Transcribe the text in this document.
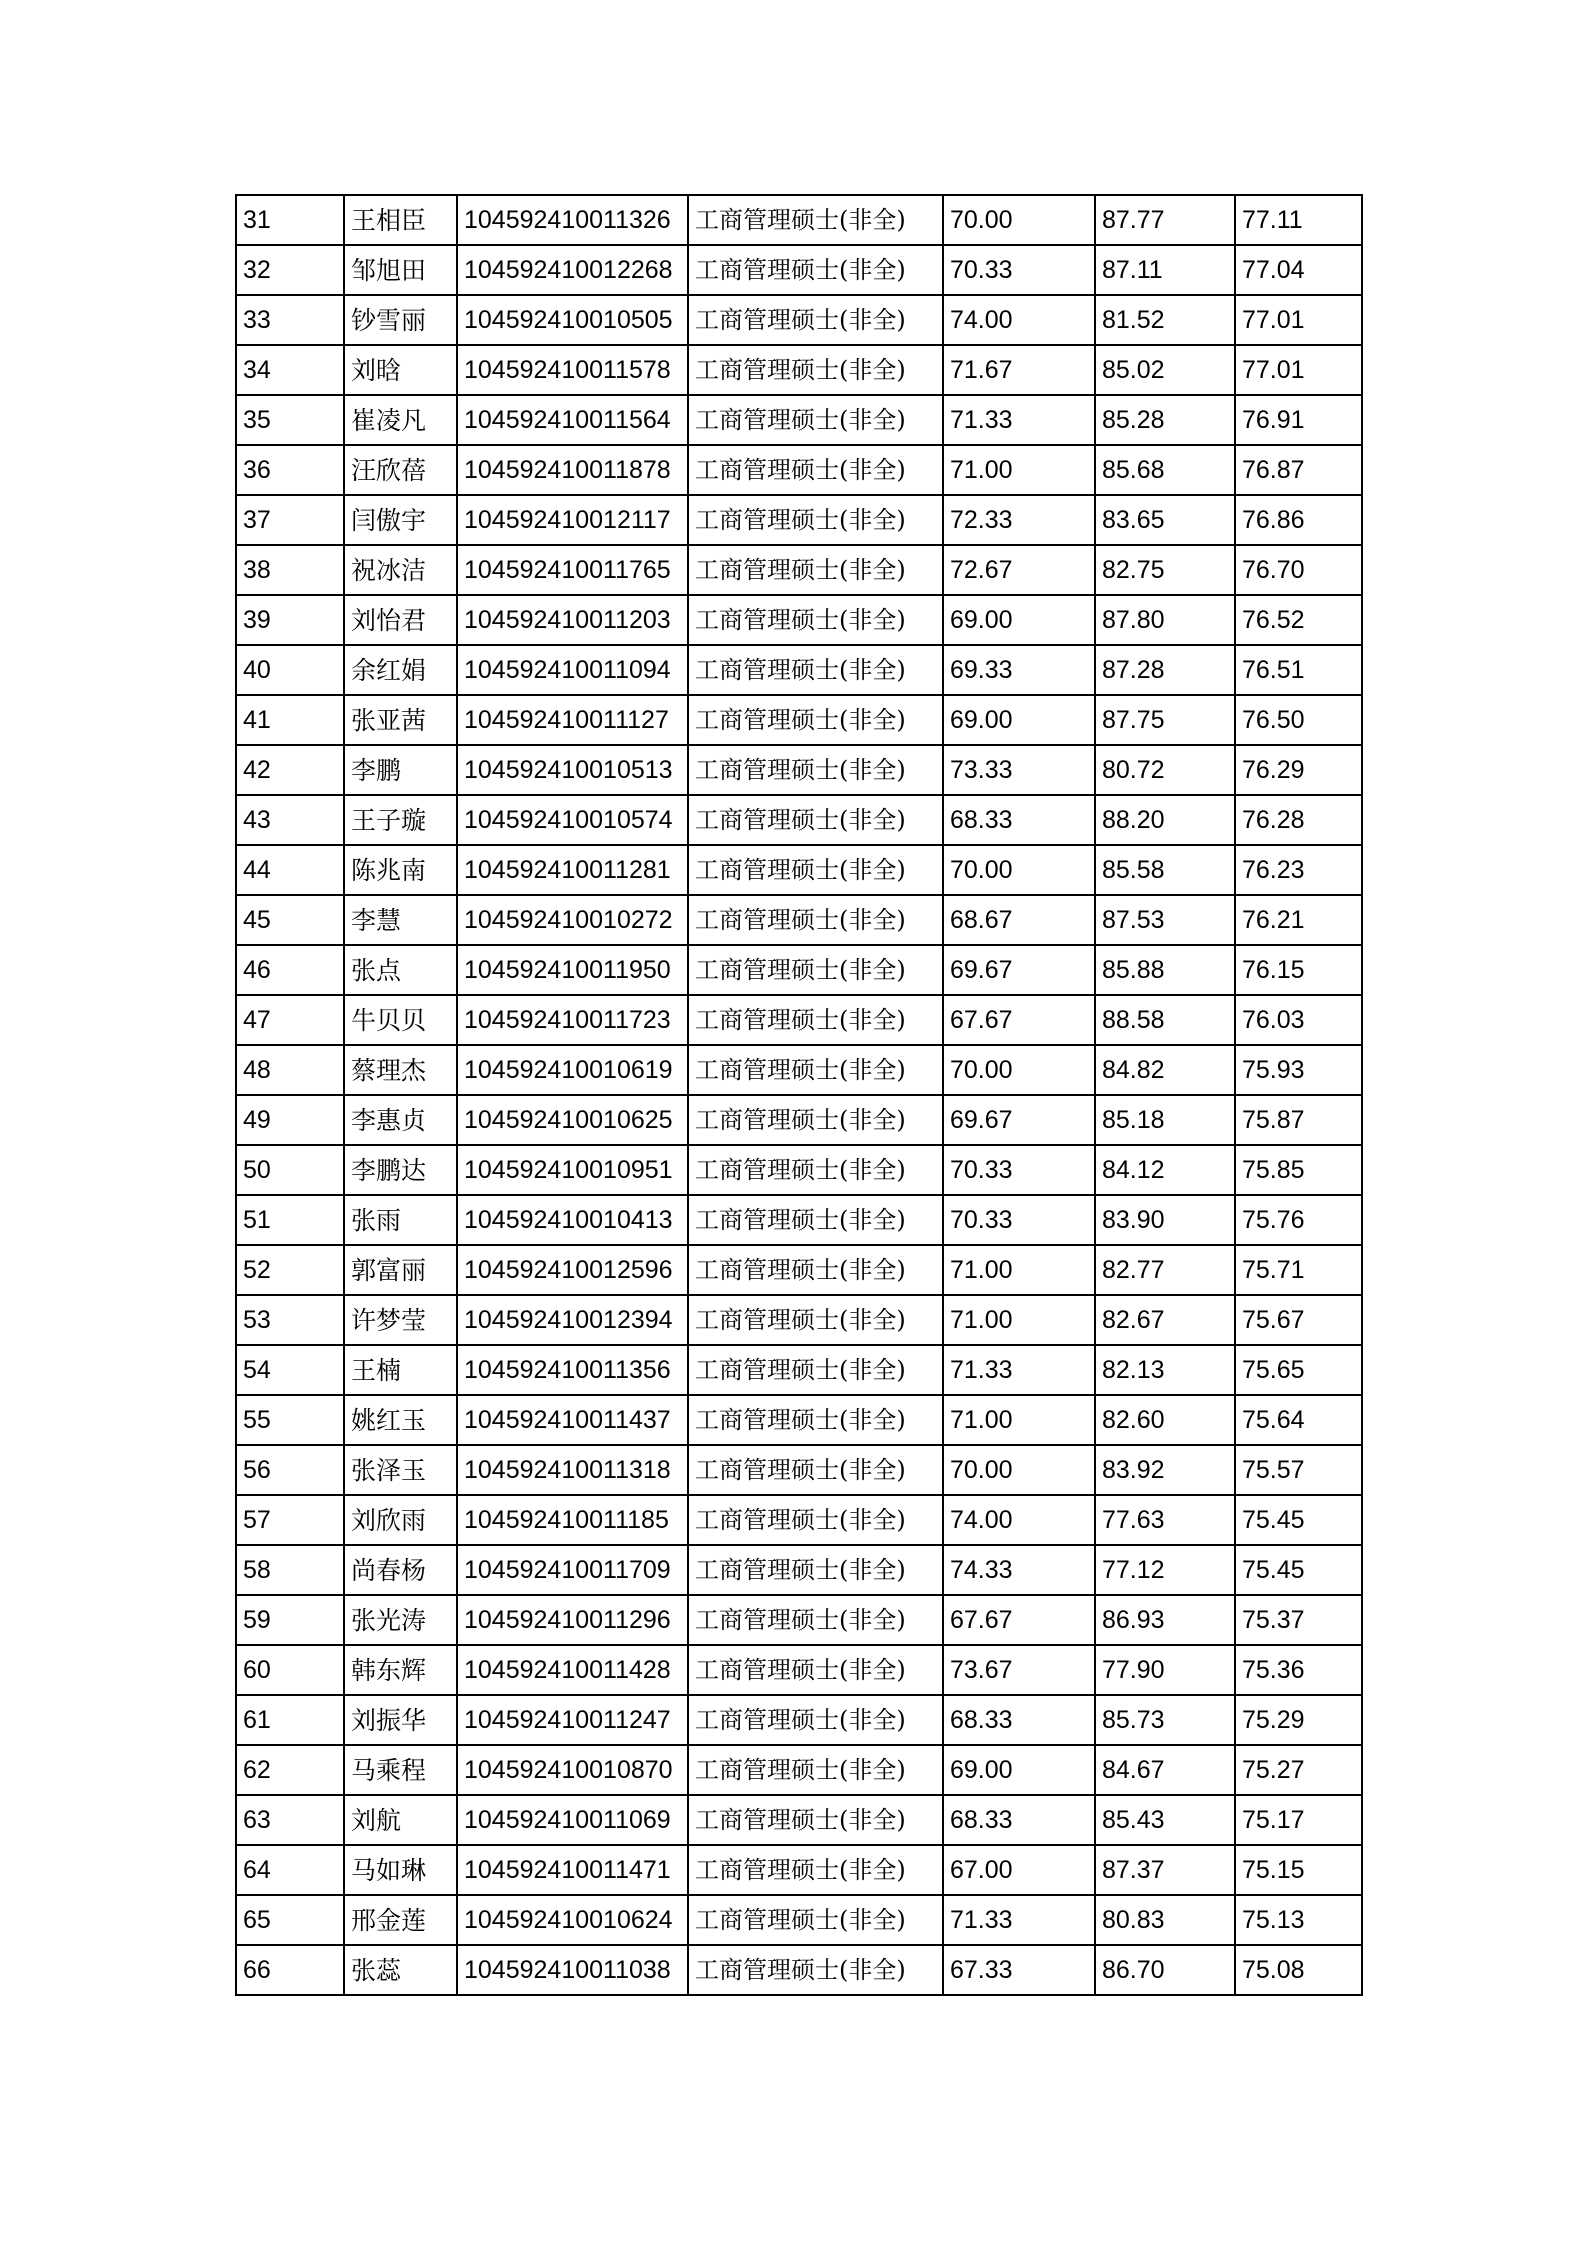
31	王相臣	104592410011326	工商管理硕士(非全)	70.00	87.77	77.11
32	邹旭田	104592410012268	工商管理硕士(非全)	70.33	87.11	77.04
33	钞雪丽	104592410010505	工商管理硕士(非全)	74.00	81.52	77.01
34	刘晗	104592410011578	工商管理硕士(非全)	71.67	85.02	77.01
35	崔凌凡	104592410011564	工商管理硕士(非全)	71.33	85.28	76.91
36	汪欣蓓	104592410011878	工商管理硕士(非全)	71.00	85.68	76.87
37	闫傲宇	104592410012117	工商管理硕士(非全)	72.33	83.65	76.86
38	祝冰洁	104592410011765	工商管理硕士(非全)	72.67	82.75	76.70
39	刘怡君	104592410011203	工商管理硕士(非全)	69.00	87.80	76.52
40	余红娟	104592410011094	工商管理硕士(非全)	69.33	87.28	76.51
41	张亚茜	104592410011127	工商管理硕士(非全)	69.00	87.75	76.50
42	李鹏	104592410010513	工商管理硕士(非全)	73.33	80.72	76.29
43	王子璇	104592410010574	工商管理硕士(非全)	68.33	88.20	76.28
44	陈兆南	104592410011281	工商管理硕士(非全)	70.00	85.58	76.23
45	李慧	104592410010272	工商管理硕士(非全)	68.67	87.53	76.21
46	张点	104592410011950	工商管理硕士(非全)	69.67	85.88	76.15
47	牛贝贝	104592410011723	工商管理硕士(非全)	67.67	88.58	76.03
48	蔡理杰	104592410010619	工商管理硕士(非全)	70.00	84.82	75.93
49	李惠贞	104592410010625	工商管理硕士(非全)	69.67	85.18	75.87
50	李鹏达	104592410010951	工商管理硕士(非全)	70.33	84.12	75.85
51	张雨	104592410010413	工商管理硕士(非全)	70.33	83.90	75.76
52	郭富丽	104592410012596	工商管理硕士(非全)	71.00	82.77	75.71
53	许梦莹	104592410012394	工商管理硕士(非全)	71.00	82.67	75.67
54	王楠	104592410011356	工商管理硕士(非全)	71.33	82.13	75.65
55	姚红玉	104592410011437	工商管理硕士(非全)	71.00	82.60	75.64
56	张泽玉	104592410011318	工商管理硕士(非全)	70.00	83.92	75.57
57	刘欣雨	104592410011185	工商管理硕士(非全)	74.00	77.63	75.45
58	尚春杨	104592410011709	工商管理硕士(非全)	74.33	77.12	75.45
59	张光涛	104592410011296	工商管理硕士(非全)	67.67	86.93	75.37
60	韩东辉	104592410011428	工商管理硕士(非全)	73.67	77.90	75.36
61	刘振华	104592410011247	工商管理硕士(非全)	68.33	85.73	75.29
62	马乘程	104592410010870	工商管理硕士(非全)	69.00	84.67	75.27
63	刘航	104592410011069	工商管理硕士(非全)	68.33	85.43	75.17
64	马如琳	104592410011471	工商管理硕士(非全)	67.00	87.37	75.15
65	邢金莲	104592410010624	工商管理硕士(非全)	71.33	80.83	75.13
66	张蕊	104592410011038	工商管理硕士(非全)	67.33	86.70	75.08
